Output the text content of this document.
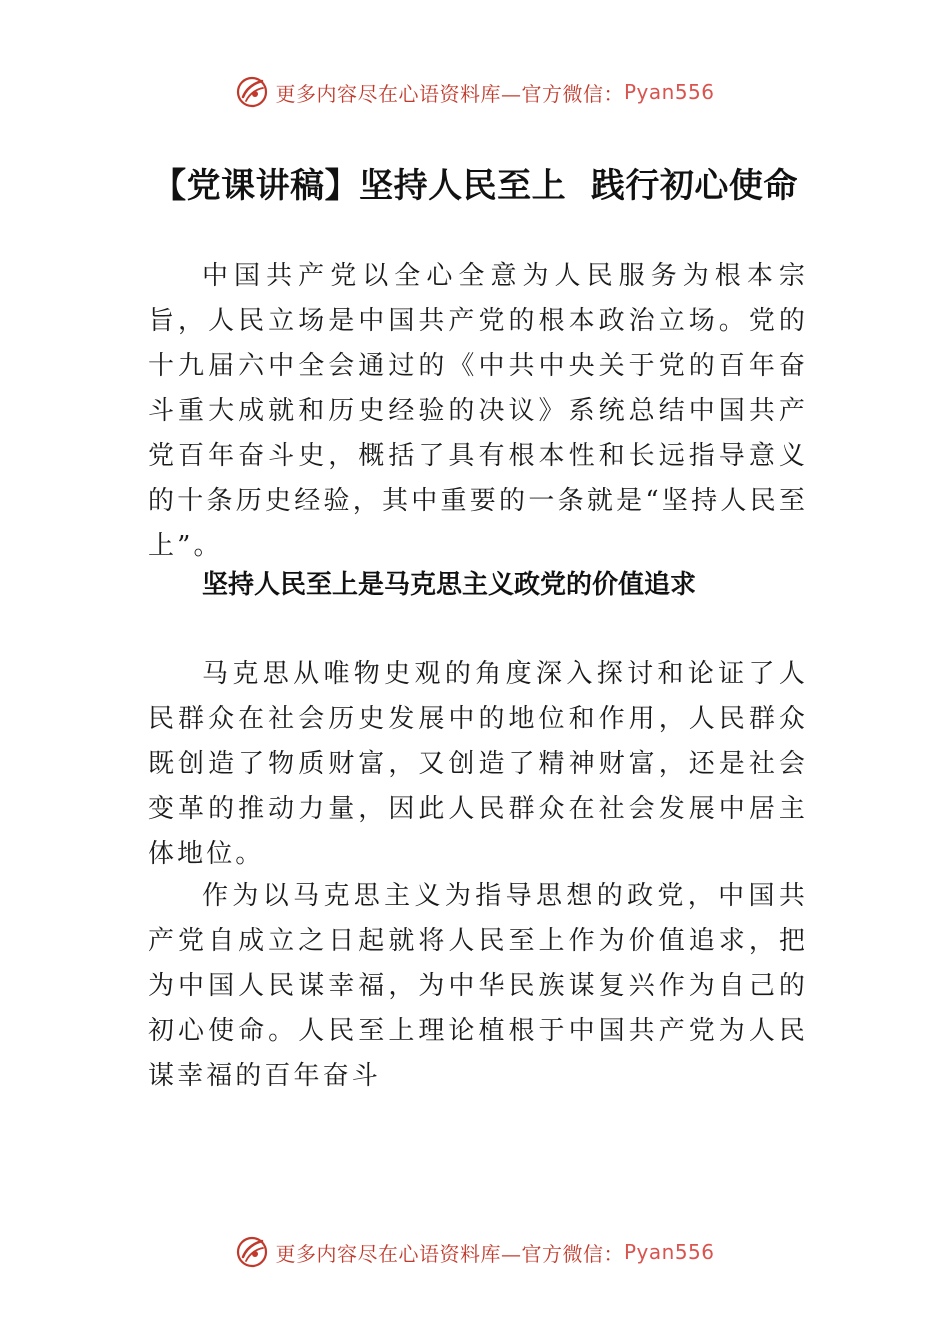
更多内容尽在心语资料库—官方微信： Pyan556
【党课讲稿】坚持人民至上  践行初心使命

中国共产党以全心全意为人民服务为根本宗旨，人民立场是中国共产党的根本政治立场。党的十九届六中全会通过的《中共中央关于党的百年奋斗重大成就和历史经验的决议》系统总结中国共产党百年奋斗史，概括了具有根本性和长远指导意义的十条历史经验，其中重要的一条就是“坚持人民至上”。

坚持人民至上是马克思主义政党的价值追求

马克思从唯物史观的角度深入探讨和论证了人民群众在社会历史发展中的地位和作用，人民群众既创造了物质财富，又创造了精神财富，还是社会变革的推动力量，因此人民群众在社会发展中居主体地位。

作为以马克思主义为指导思想的政党，中国共产党自成立之日起就将人民至上作为价值追求，把为中国人民谋幸福，为中华民族谋复兴作为自己的初心使命。人民至上理论植根于中国共产党为人民谋幸福的百年奋斗

更多内容尽在心语资料库—官方微信： Pyan556
